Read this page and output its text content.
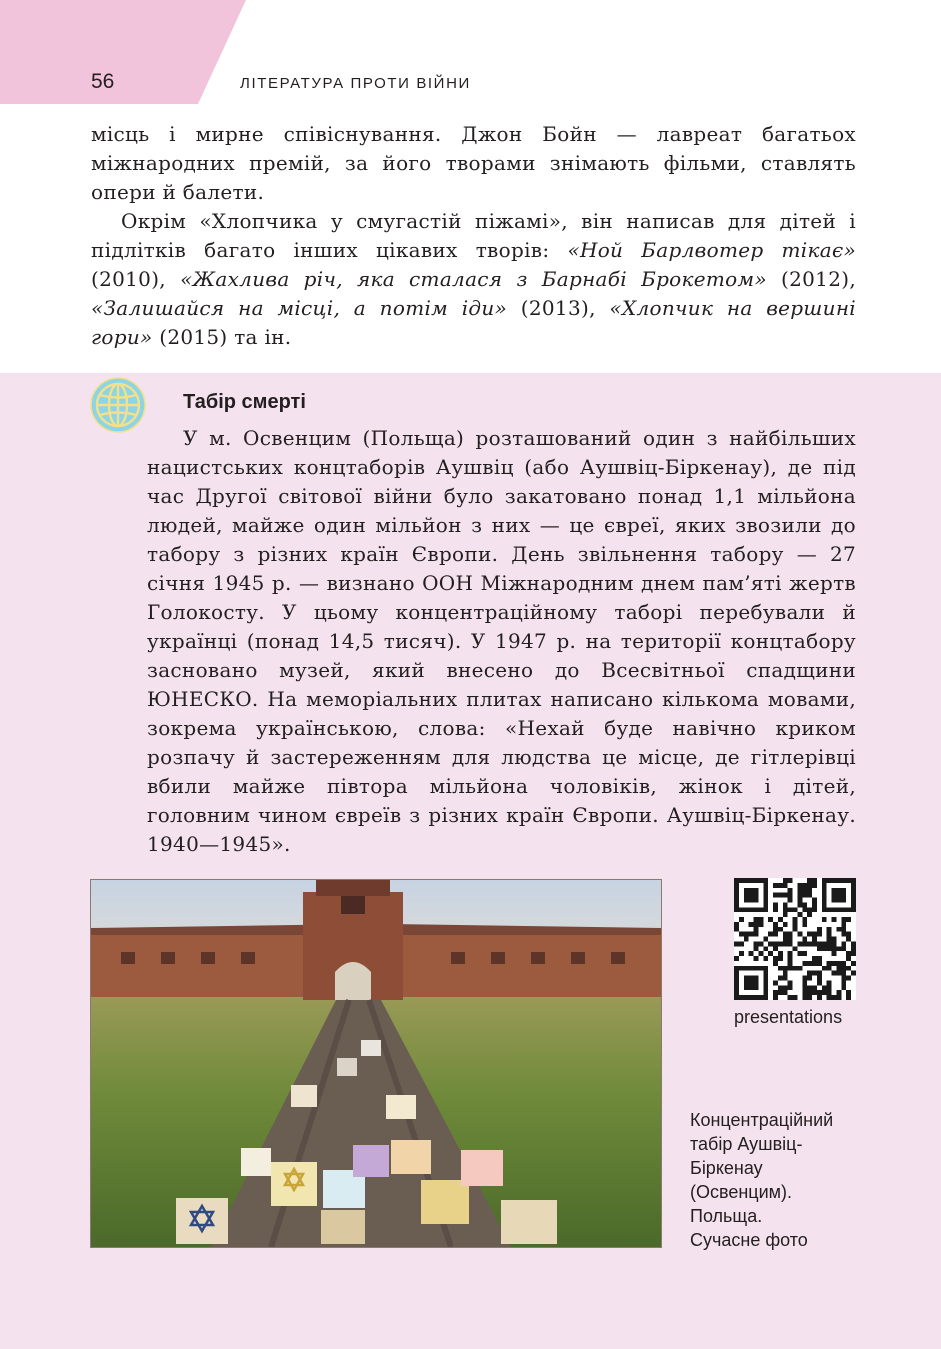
56	ЛІТЕРАТУРА ПРОТИ ВІЙНИ

місць і мирне співіснування. Джон Бойн — лавреат багатьох міжнародних премій, за його творами знімають фільми, ставлять опери й балети.

Окрім «Хлопчика у смугастій піжамі», він написав для дітей і підлітків багато інших цікавих творів: «Ной Барлвотер тікає» (2010), «Жахлива річ, яка сталася з Барнабі Брокетом» (2012), «Залишайся на місці, а потім іди» (2013), «Хлопчик на вершині гори» (2015) та ін.

Табір смерті

У м. Освенцим (Польща) розташований один з найбільших нацистських концтаборів Аушвіц (або Аушвіц-Біркенау), де під час Другої світової війни було закатовано понад 1,1 мільйона людей, майже один мільйон з них — це євреї, яких звозили до табору з різних країн Європи. День звільнення табору — 27 січня 1945 р. — визнано ООН Міжнародним днем пам’яті жертв Голокосту. У цьому концентраційному таборі перебували й українці (понад 14,5 тисяч). У 1947 р. на території концтабору засновано музей, який внесено до Всесвітньої спадщини ЮНЕСКО. На меморіальних плитах написано кількома мовами, зокрема українською, слова: «Нехай буде навічно криком розпачу й застереженням для людства це місце, де гітлерівці вбили майже півтора мільйона чоловіків, жінок і дітей, головним чином євреїв з різних країн Європи. Аушвіц-Біркенау. 1940—1945».

presentations
Концентраційний
табір Аушвіц-
Біркенау
(Освенцим).
Польща.
Сучасне фото
